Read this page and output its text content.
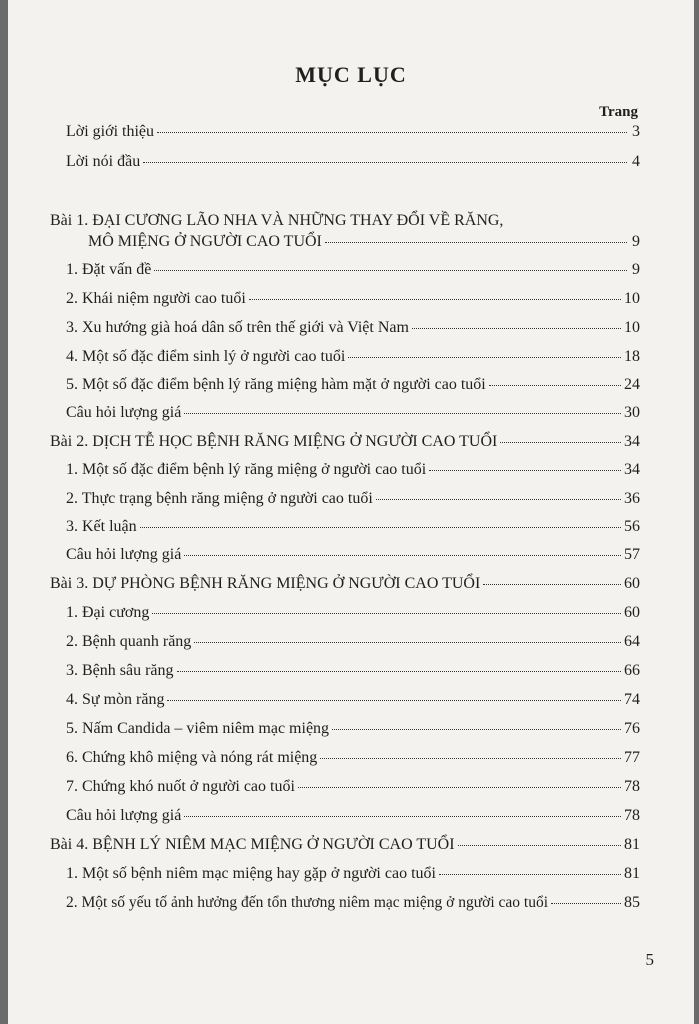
MỤC LỤC
Trang
Lời giới thiệu	3
Lời nói đầu	4
Bài 1. ĐẠI CƯƠNG LÃO NHA VÀ NHỮNG THAY ĐỔI VỀ RĂNG,
MÔ MIỆNG Ở NGƯỜI CAO TUỔI	9
1. Đặt vấn đề	9
2. Khái niệm người cao tuổi	10
3. Xu hướng già hoá dân số trên thế giới và Việt Nam	10
4. Một số đặc điểm sinh lý ở người cao tuổi	18
5. Một số đặc điểm bệnh lý răng miệng hàm mặt ở người cao tuổi	24
Câu hỏi lượng giá	30
Bài 2. DỊCH TỄ HỌC BỆNH RĂNG MIỆNG Ở NGƯỜI CAO TUỔI	34
1. Một số đặc điểm bệnh lý răng miệng ở người cao tuổi	34
2. Thực trạng bệnh răng miệng ở người cao tuổi	36
3. Kết luận	56
Câu hỏi lượng giá	57
Bài 3. DỰ PHÒNG BỆNH RĂNG MIỆNG Ở NGƯỜI CAO TUỔI	60
1. Đại cương	60
2. Bệnh quanh răng	64
3. Bệnh sâu răng	66
4. Sự mòn răng	74
5. Nấm Candida – viêm niêm mạc miệng	76
6. Chứng khô miệng và nóng rát miệng	77
7. Chứng khó nuốt ở người cao tuổi	78
Câu hỏi lượng giá	78
Bài 4. BỆNH LÝ NIÊM MẠC MIỆNG Ở NGƯỜI CAO TUỔI	81
1. Một số bệnh niêm mạc miệng hay gặp ở người cao tuổi	81
2. Một số yếu tố ảnh hưởng đến tổn thương niêm mạc miệng ở người cao tuổi	85
5
